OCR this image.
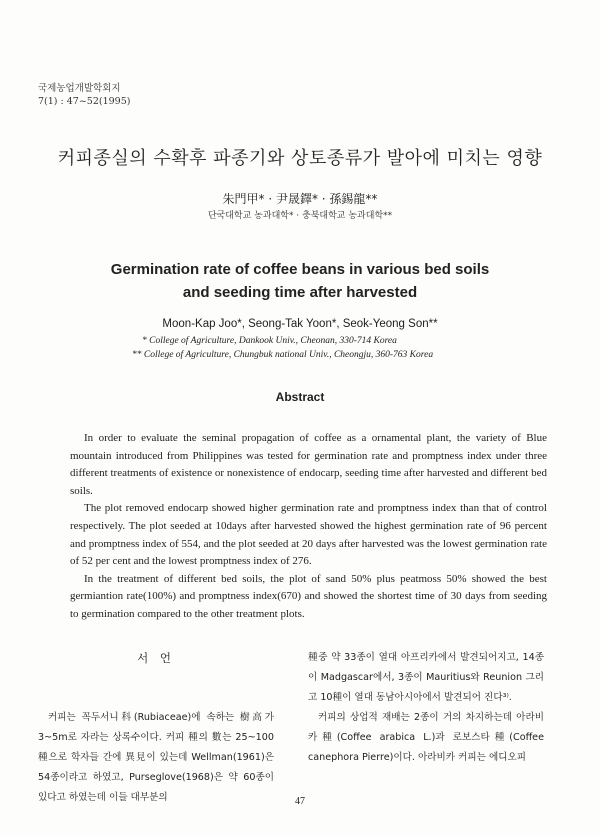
국제농업개발학회지
7(1) : 47~52(1995)
커피종실의 수확후 파종기와 상토종류가 발아에 미치는 영향
朱門甲* · 尹晟鐸* · 孫錫龍**
단국대학교 농과대학* · 충북대학교 농과대학**
Germination rate of coffee beans in various bed soils
and seeding time after harvested
Moon-Kap Joo*, Seong-Tak Yoon*, Seok-Yeong Son**
* College of Agriculture, Dankook Univ., Cheonan, 330-714 Korea
** College of Agriculture, Chungbuk national Univ., Cheongju, 360-763 Korea
Abstract

In order to evaluate the seminal propagation of coffee as a ornamental plant, the variety of Blue mountain introduced from Philippines was tested for germination rate and promptness index under three different treatments of existence or nonexistence of endocarp, seeding time after harvested and different bed soils.

The plot removed endocarp showed higher germination rate and promptness index than that of control respectively. The plot seeded at 10days after harvested showed the highest germination rate of 96 percent and promptness index of 554, and the plot seeded at 20 days after harvested was the lowest germination rate of 52 per cent and the lowest promptness index of 276.

In the treatment of different bed soils, the plot of sand 50% plus peatmoss 50% showed the best germiantion rate(100%) and promptness index(670) and showed the shortest time of 30 days from seeding to germination compared to the other treatment plots.

서 언

커피는 꼭두서니科(Rubiaceae)에 속하는 樹高가 3~5m로 자라는 상록수이다. 커피 種의 數는 25~100種으로 학자들 간에 異見이 있는데 Wellman(1961)은 54종이라고 하였고, Purseglove(1968)은 약 60종이 있다고 하였는데 이들 대부분의

種중 약 33종이 열대 아프리카에서 발견되어지고, 14종이 Madgascar에서, 3종이 Mauritius와 Reunion 그리고 10種이 열대 동남아시아에서 발견되어 진다³⁾.

커피의 상업적 재배는 2종이 거의 차지하는데 아라비카種(Coffee arabica L.)과 로보스타種(Coffee canephora Pierre)이다. 아라비카 커피는 에디오피

47
